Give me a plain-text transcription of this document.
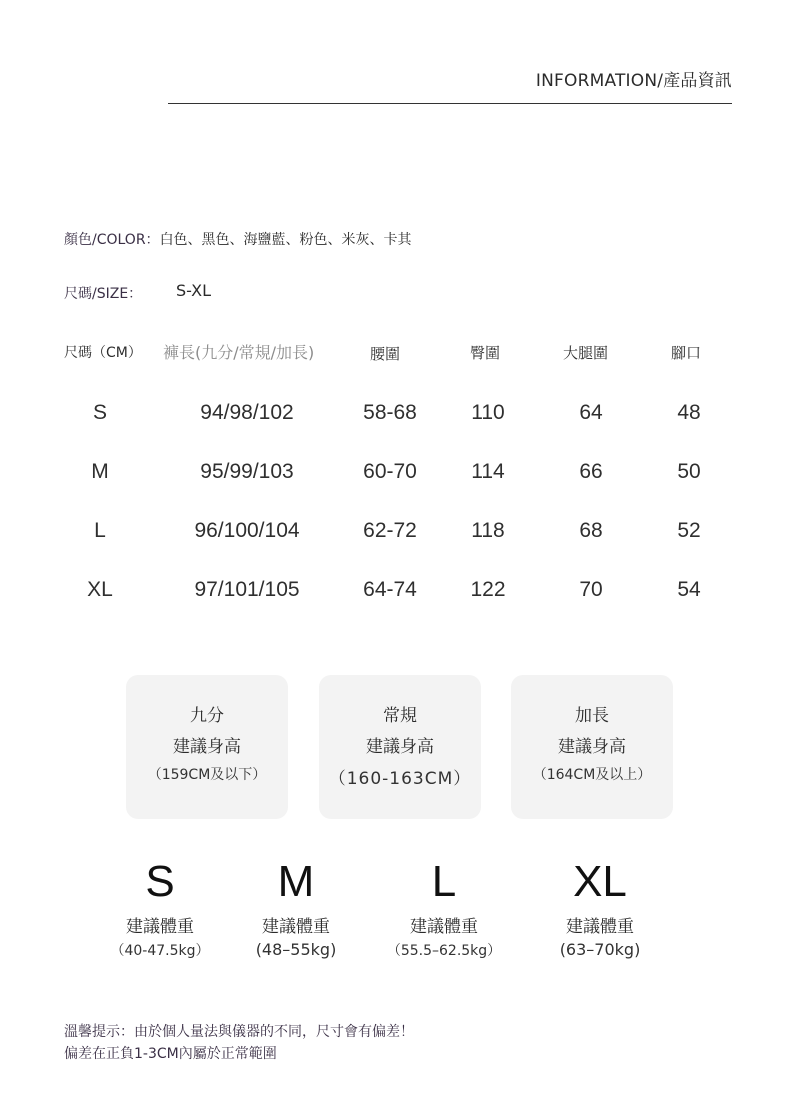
INFORMATION/產品資訊
顏色/COLOR：白色、黑色、海鹽藍、粉色、米灰、卡其
尺碼/SIZE： S-XL
尺碼（CM） 褲長(九分/常規/加長)	腰圍	臀圍	大腿圍	腳口
S	94/98/102	58-68	110	64	48
M	95/99/103	60-70	114	66	50
L	96/100/104	62-72	118	68	52
XL	97/101/105	64-74	122	70	54
九分
建議身高
（159CM及以下）
常規
建議身高
（160-163CM）
加長
建議身高
（164CM及以上）
S
建議體重
（40-47.5kg）
M
建議體重
(48–55kg)
L
建議體重
（55.5–62.5kg）
XL
建議體重
(63–70kg)
溫馨提示：由於個人量法與儀器的不同，尺寸會有偏差！
偏差在正負1-3CM內屬於正常範圍
